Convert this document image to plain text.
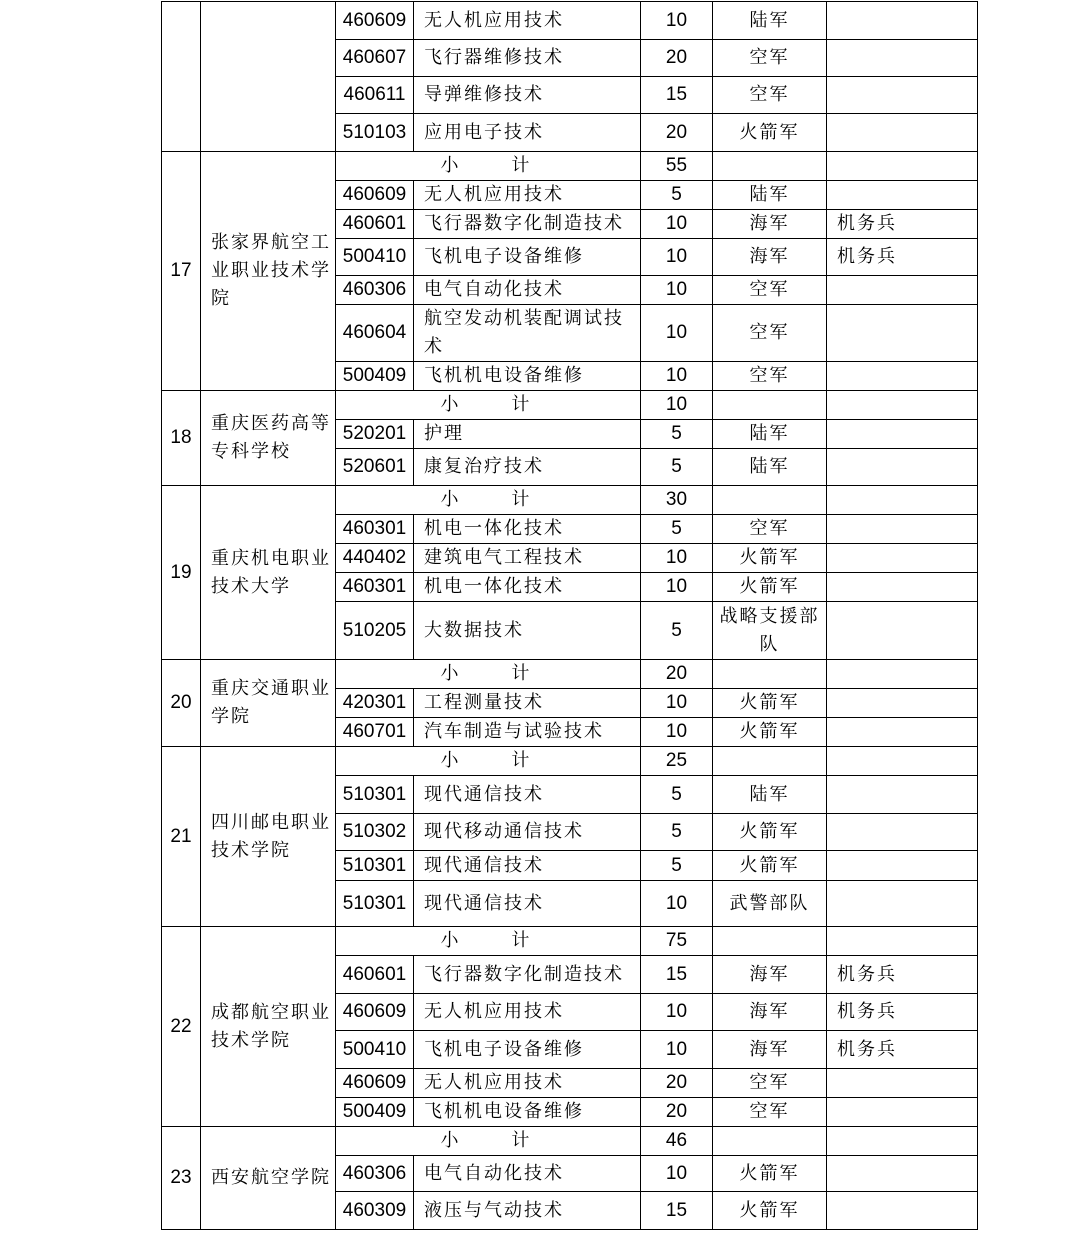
		460609	无人机应用技术	10	陆军	
		460607	飞行器维修技术	20	空军	
		460611	导弹维修技术	15	空军	
		510103	应用电子技术	20	火箭军	
17	张家界航空工业职业技术学院	小    计		55		
		460609	无人机应用技术	5	陆军	
		460601	飞行器数字化制造技术	10	海军	机务兵
		500410	飞机电子设备维修	10	海军	机务兵
		460306	电气自动化技术	10	空军	
		460604	航空发动机装配调试技术	10	空军	
		500409	飞机机电设备维修	10	空军	
18	重庆医药高等专科学校	小    计		10		
		520201	护理	5	陆军	
		520601	康复治疗技术	5	陆军	
19	重庆机电职业技术大学	小    计		30		
		460301	机电一体化技术	5	空军	
		440402	建筑电气工程技术	10	火箭军	
		460301	机电一体化技术	10	火箭军	
		510205	大数据技术	5	战略支援部队	
20	重庆交通职业学院	小    计		20		
		420301	工程测量技术	10	火箭军	
		460701	汽车制造与试验技术	10	火箭军	
21	四川邮电职业技术学院	小    计		25		
		510301	现代通信技术	5	陆军	
		510302	现代移动通信技术	5	火箭军	
		510301	现代通信技术	5	火箭军	
		510301	现代通信技术	10	武警部队	
22	成都航空职业技术学院	小    计		75		
		460601	飞行器数字化制造技术	15	海军	机务兵
		460609	无人机应用技术	10	海军	机务兵
		500410	飞机电子设备维修	10	海军	机务兵
		460609	无人机应用技术	20	空军	
		500409	飞机机电设备维修	20	空军	
23	西安航空学院	小    计		46		
		460306	电气自动化技术	10	火箭军	
		460309	液压与气动技术	15	火箭军	
